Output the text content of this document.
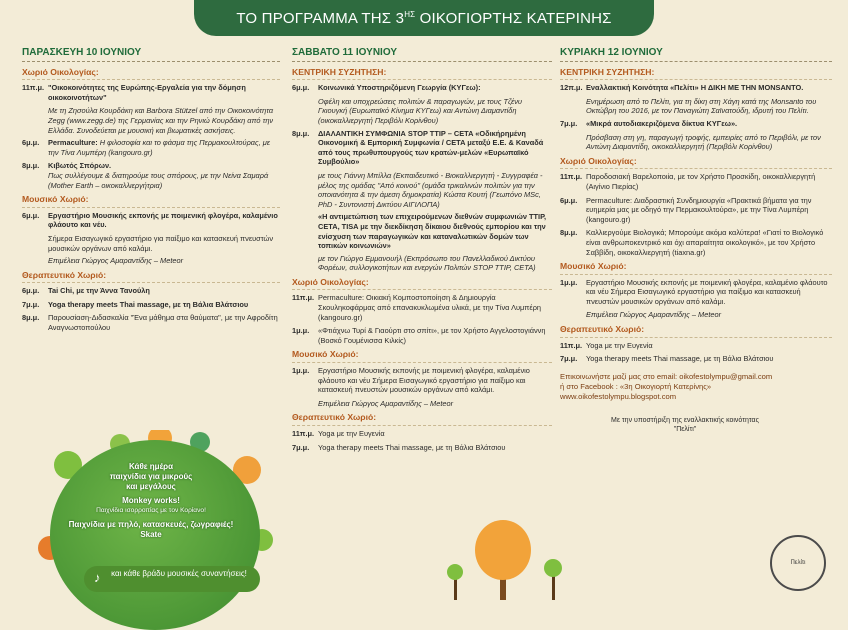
ΤΟ ΠΡΟΓΡΑΜΜΑ ΤΗΣ $3^{H\Sigma}$ ΟΙΚΟΓΙΟΡΤΗΣ ΚΑΤΕΡΙΝΗΣ
ΠΑΡΑΣΚΕΥΗ 10 ΙΟΥΝΙΟΥ
Χωριό Οικολογίας:
11π.μ. "Οικοκοινότητες της Ευρώπης-Εργαλεία για την δόμηση οικοκοινοτήτων"
Με τη Ζησούλα Κουρδάκη και Barbora Stützel από την Οικοκοινότητα Zegg (www.zegg.de) της Γερμανίας και την Ρηνιώ Κουρδάκη από την Ελλάδα. Συνοδεύεται με μουσική και βιωματικές ασκήσεις.
6μ.μ.	Permaculture: Η φιλοσοφία και το φάσμα της Περμακουλτούρας, με την Τίνα Λυμπέρη (kangouro.gr)
8μ.μ.	Κιβωτός Σπόρων.
Πως συλλέγουμε & διατηρούμε τους σπόρους, με την Νείνα Σαμαρά (Mother Earth – οικοκαλλιεργήτρια)
Μουσικό Χωριό:
6μ.μ.	Εργαστήριο Μουσικής εκπονής με ποιμενική φλογέρα, καλαμένιο φλάουτο και νέυ.
Σήμερα Εισαγωγικό εργαστήριο για παίξιμο και κατασκευή πνευστών μουσικών οργάνων από καλάμι.
Επιμέλεια Γιώργος Αμαραντίδης – Meteor
Θεραπευτικό Χωριό:
6μ.μ.	Tai Chi, με την Άννα Τανούλη
7μ.μ.	Yoga therapy meets Thai massage, με τη Βάλια Βλάτσιου
8μ.μ.	Παρουσίαση-Διδασκαλία "Ένα μάθημα στα θαύματα", με την Αφροδίτη Αναγνωστοπούλου
ΣΑΒΒΑΤΟ 11 ΙΟΥΝΙΟΥ
ΚΕΝΤΡΙΚΗ ΣΥΖΗΤΗΣΗ:
6μ.μ.	Κοινωνικά Υποστηριζόμενη Γεωργία (ΚΥΓεω):
Οφέλη και υποχρεώσεις πολιτών & παραγωγών, με τους Τζένυ Γκιουγκή (Ευρωπαϊκό Κίνημα ΚΥΓεω) και Αντώνη Διαμαντίδη (οικοκαλλιεργητή Περιβόλι Κορίνθου)
8μ.μ.	ΔΙΑΛΑΝΤΙΚΗ ΣΥΜΦΩΝΙΑ STOP TTIP – CETA «Οδικήρημένη Οικονομική & Εμπορική Συμφωνία / CETA μεταξύ Ε.Ε. & Καναδά από τους πρωθυπουργούς των κρατών-μελών «Ευρωπαϊκό Συμβούλιο»
με τους Γιάννη Μπίλλα (Εκπαιδευτικό - Βιοκαλλιεργητή - Συγγραφέα - μέλος της ομάδας "Από κοινού" (ομάδα τρικαλινών πολιτών για την οποιανότητα & την άμεση δημοκρατία) Κώστα Κουτή (Γεωπόνο MSc, PhD - Συντονιστή Δικτύου ΑΙΓΙΛΟΠΑ)
«Η αντιμετώπιση των επιχειρούμενων διεθνών συμφωνιών TTIP, CETA, TISA με την διεκδίκηση δίκαιου διεθνούς εμπορίου και την ενίσχυση των παραγωγικών και καταναλωτικών δομών των τοπικών κοινωνιών»
με τον Γιώργο Εμμανουήλ (Εκπρόσωπο του Πανελλαδικού Δικτύου Φορέων, συλλογικοτήτων και ενεργών Πολιτών STOP TTIP, CETA)
Χωριό Οικολογίας:
11π.μ. Permaculture: Οικιακή Κομποστοποίηση & Δημιουργία Σκουληκοφάρμας από επανακυκλωμένα υλικά, με την Τίνα Λυμπέρη (kangouro.gr)
1μ.μ.	«Φτιάχνω Τυρί & Γιαούρτι στο σπίτι», με τον Χρήστο Αγγελοστογιάννη (Βοσκό Γουμένισσα Κιλκίς)
Μουσικό Χωριό:
1μ.μ.	Εργαστήριο Μουσικής εκπονής με ποιμενική φλογέρα, καλαμένιο φλάουτο και νέυ Σήμερα Εισαγωγικό εργαστήριο για παίξιμο και κατασκευή πνευστών μουσικών οργάνων από καλάμι.
Επιμέλεια Γιώργος Αμαραντίδης – Meteor
Θεραπευτικό Χωριό:
11π.μ. Yoga με την Ευγενία
7μ.μ.	Yoga therapy meets Thai massage, με τη Βάλια Βλάτσιου
ΚΥΡΙΑΚΗ 12 ΙΟΥΝΙΟΥ
ΚΕΝΤΡΙΚΗ ΣΥΖΗΤΗΣΗ:
12π.μ. Εναλλακτική Κοινότητα «Πελίτι» Η ΔΙΚΗ ΜΕ ΤΗΝ MONSANTO.
Ενημέρωση από το Πελίτι, για τη δίκη στη Χάγη κατά της Monsanto του Οκτώβρη του 2016, με τον Παναγιώτη Σαϊνατούδη, ιδρυτή του Πελίτι.
7μ.μ.	«Μικρά αυτοδιακεριζόμενα δίκτυα ΚΥΓεω».
Πρόσβαση στη γη, παραγωγή τροφής, εμπειρίες από το Περιβόλι, με τον Αντώνη Διαμαντίδη, οικοκαλλιεργητή (Περιβόλι Κορίνθου)
Χωριό Οικολογίας:
11π.μ. Παροδοσιακή Βαρελοποιία, με τον Χρήστο Προσκίδη, οικοκαλλιεργητή (Αιγίνιο Πιερίας)
6μ.μ.	Permaculture: Διαδραστική Συνδημιουργία «Πρακτικά βήματα για την ευημερία μας με οδηγό την Περμακουλτούρα», με την Τίνα Λυμπέρη (kangouro.gr)
8μ.μ.	Καλλιεργούμε Βιολογικά; Μπορούμε ακόμα καλύτερα! «Γιατί το Βιολογικό είναι ανθρωποκεντρικό και όχι απαραίτητα οικολογικό», με τον Χρήστο Σαββίδη, οικοκαλλιεργητή (tiaxna.gr)
Μουσικό Χωριό:
1μ.μ.	Εργαστήριο Μουσικής εκπονής με ποιμενική φλογέρα, καλαμένιο φλάουτο και νέυ Σήμερα Εισαγωγικό εργαστήριο για παίξιμο και κατασκευή πνευστών μουσικών οργάνων από καλάμι.
Επιμέλεια Γιώργος Αμαραντίδης – Meteor
Θεραπευτικό Χωριό:
11π.μ. Yoga με την Ευγενία
7μ.μ.	Yoga therapy meets Thai massage, με τη Βάλια Βλάτσιου
Επικοινωνήστε μαζί μας στο email: oikofestolympu@gmail.com
ή στο Facebook : «3η Οικογιορτή Κατερίνης»
www.oikofestolympu.blogspot.com
Με την υποστήριξη της εναλλακτικής κοινότητας "Πελίτι"
Κάθε ημέρα
παιχνίδια για μικρούς
και μεγάλους
Monkey works!
Παιχνίδια ισορροπίας με τον Κορίανο!
Παιχνίδια με πηλό, κατασκευές, ζωγραφιές! Skate
και κάθε βράδυ μουσικές συναντήσεις!
♪
Πελίτι
